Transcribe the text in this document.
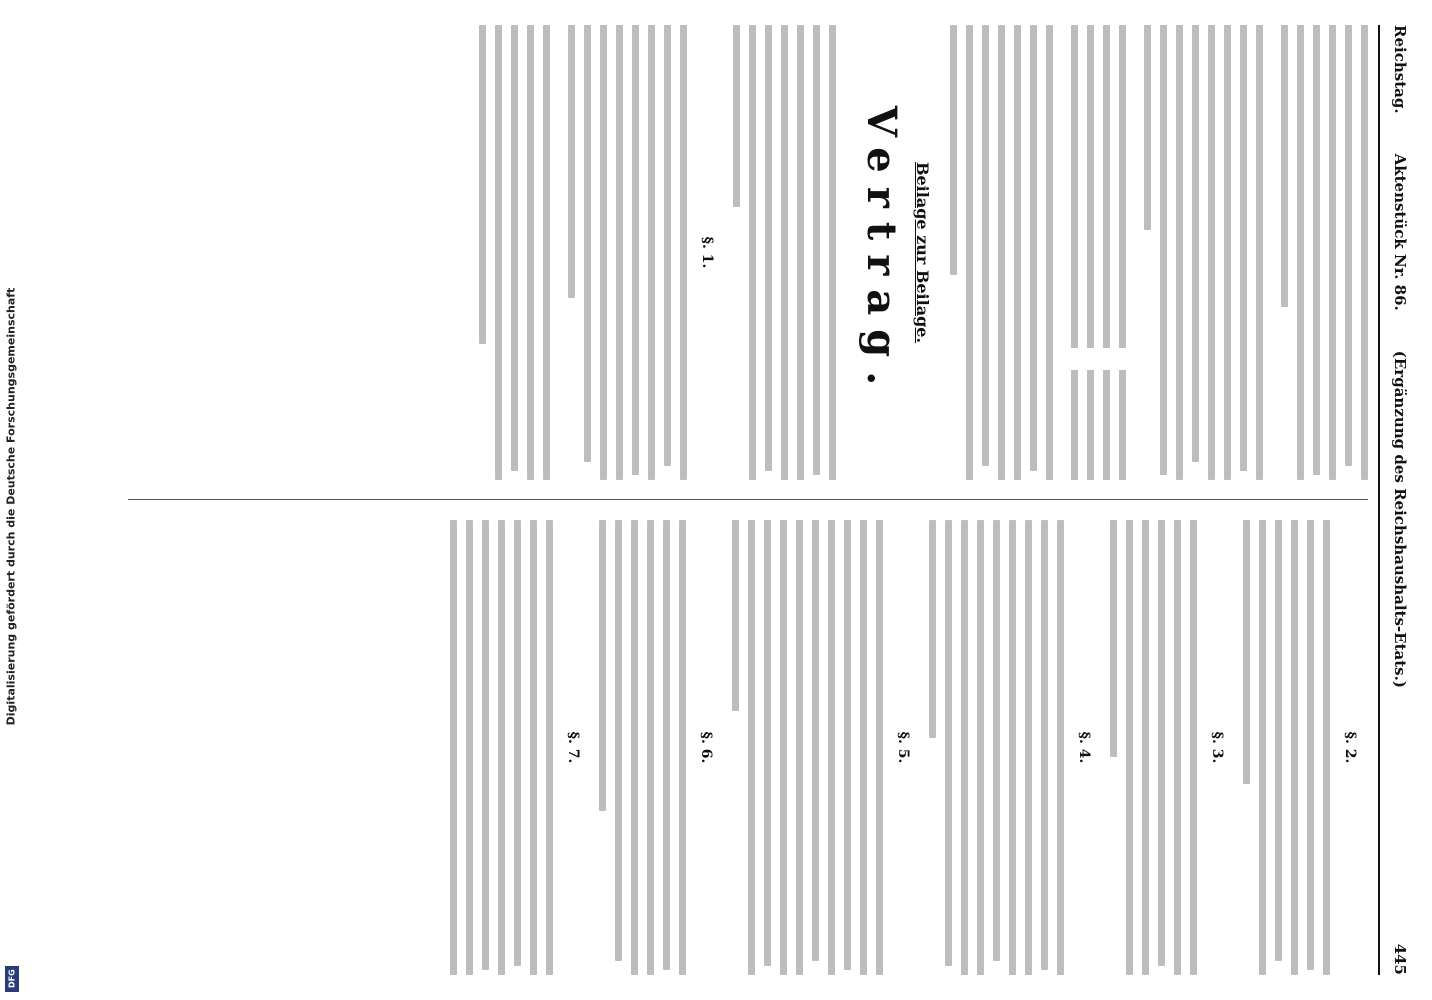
Digitalisierung gefördert durch die Deutsche Forschungsgemeinschaft
DFG
Reichstag.
Aktenstück Nr. 86.
(Ergänzung des Reichshaushalts-Etats.)
445
Beilage zur Beilage.
Vertrag.
§. 1.
§. 2.
§. 3.
§. 4.
§. 5.
§. 6.
§. 7.
